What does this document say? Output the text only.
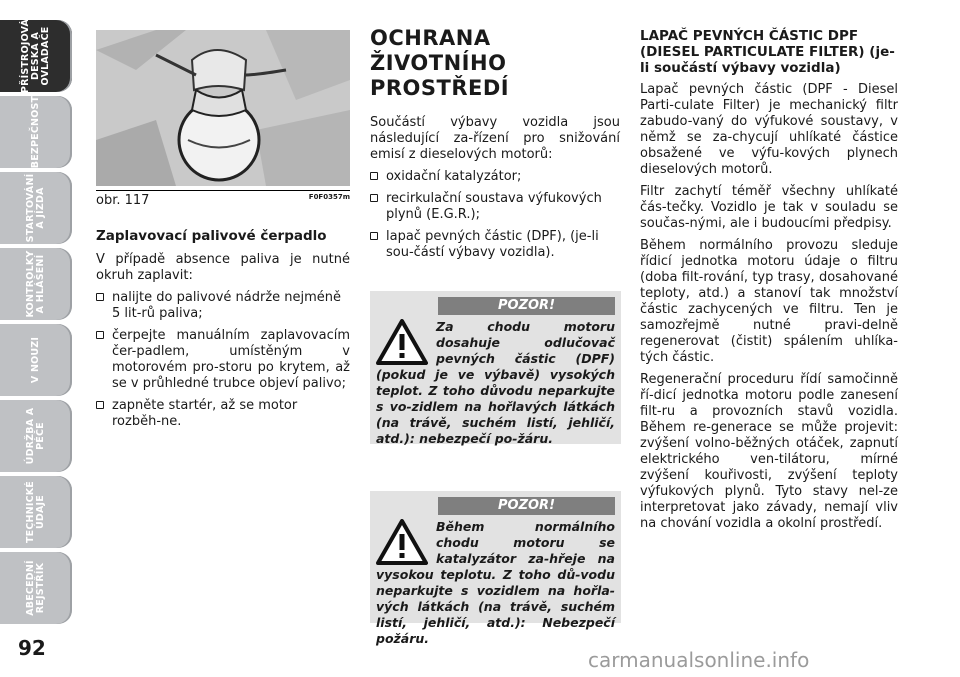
PŘÍSTROJOVÁ
DESKA A
OVLADAČE
BEZPEČNOST
STARTOVÁNÍ
A JÍZDA
KONTROLKY
A HLÁŠENÍ
V NOUZI
ÚDRŽBA A
PÉČE
TECHNICKÉ
ÚDAJE
ABECEDNÍ
REJSTŘÍK
92
obr. 117	F0F0357m
Zaplavovací palivové čerpadlo

V případě absence paliva je nutné okruh zaplavit:

nalijte do palivové nádrže nejméně 5 lit-rů paliva;
čerpejte manuálním zaplavovacím čer-padlem, umístěným v motorovém pro-storu po krytem, až se v průhledné trubce objeví palivo;
zapněte startér, až se motor rozběh-ne.
OCHRANA ŽIVOTNÍHO PROSTŘEDÍ

Součástí výbavy vozidla jsou následující za-řízení pro snižování emisí z dieselových motorů:

oxidační katalyzátor;
recirkulační soustava výfukových plynů (E.G.R.);
lapač pevných částic (DPF), (je-li sou-částí výbavy vozidla).
POZOR!
Za chodu motoru dosahuje odlučovač pevných částic (DPF) (pokud je ve výbavě) vysokých teplot. Z toho důvodu neparkujte s vo-zidlem na hořlavých látkách (na trávě, suchém listí, jehličí, atd.): nebezpečí po-žáru.
POZOR!
Během normálního chodu motoru se katalyzátor za-hřeje na vysokou teplotu. Z toho dů-vodu neparkujte s vozidlem na hořla-vých látkách (na trávě, suchém listí, jehličí, atd.): Nebezpečí požáru.
LAPAČ PEVNÝCH ČÁSTIC DPF (DIESEL PARTICULATE FILTER) (je-li součástí výbavy vozidla)

Lapač pevných částic (DPF - Diesel Parti-culate Filter) je mechanický filtr zabudo-vaný do výfukové soustavy, v němž se za-chycují uhlíkaté částice obsažené ve výfu-kových plynech dieselových motorů.

Filtr zachytí téměř všechny uhlíkaté čás-tečky. Vozidlo je tak v souladu se součas-nými, ale i budoucími předpisy.

Během normálního provozu sleduje řídicí jednotka motoru údaje o filtru (doba filt-rování, typ trasy, dosahované teploty, atd.) a stanoví tak množství částic zachycených ve filtru. Ten je samozřejmě nutné pravi-delně regenerovat (čistit) spálením uhlíka-tých částic.

Regenerační proceduru řídí samočinně ří-dicí jednotka motoru podle zanesení filt-ru a provozních stavů vozidla. Během re-generace se může projevit: zvýšení volno-běžných otáček, zapnutí elektrického ven-tilátoru, mírné zvýšení kouřivosti, zvýšení teploty výfukových plynů. Tyto stavy nel-ze interpretovat jako závady, nemají vliv na chování vozidla a okolní prostředí.

carmanualsonline.info
